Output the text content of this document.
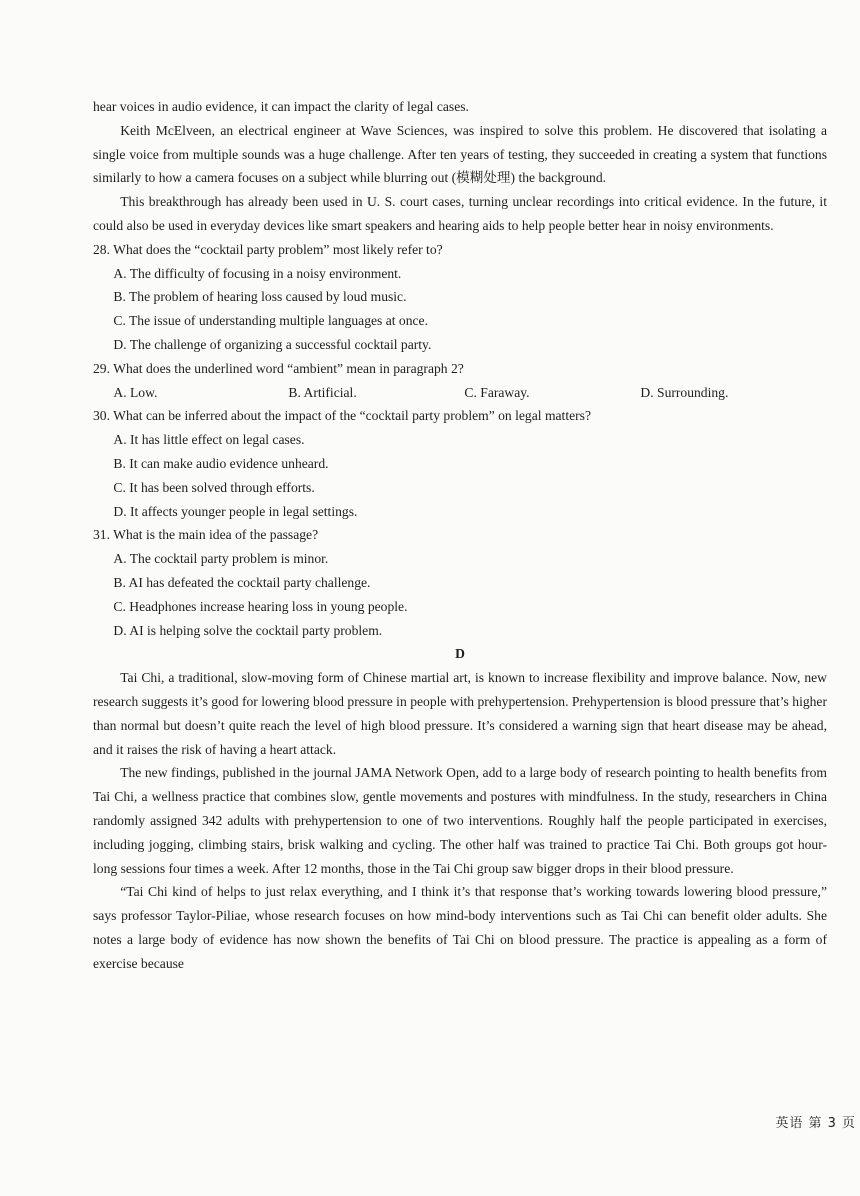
hear voices in audio evidence, it can impact the clarity of legal cases.

Keith McElveen, an electrical engineer at Wave Sciences, was inspired to solve this problem. He discovered that isolating a single voice from multiple sounds was a huge challenge. After ten years of testing, they succeeded in creating a system that functions similarly to how a camera focuses on a subject while blurring out (模糊处理) the background.

This breakthrough has already been used in U. S. court cases, turning unclear recordings into critical evidence. In the future, it could also be used in everyday devices like smart speakers and hearing aids to help people better hear in noisy environments.

28. What does the “cocktail party problem” most likely refer to?

A. The difficulty of focusing in a noisy environment.

B. The problem of hearing loss caused by loud music.

C. The issue of understanding multiple languages at once.

D. The challenge of organizing a successful cocktail party.

29. What does the underlined word “ambient” mean in paragraph 2?

A. Low.	B. Artificial.	C. Faraway.	D. Surrounding.

30. What can be inferred about the impact of the “cocktail party problem” on legal matters?

A. It has little effect on legal cases.

B. It can make audio evidence unheard.

C. It has been solved through efforts.

D. It affects younger people in legal settings.

31. What is the main idea of the passage?

A. The cocktail party problem is minor.

B. AI has defeated the cocktail party challenge.

C. Headphones increase hearing loss in young people.

D. AI is helping solve the cocktail party problem.

D

Tai Chi, a traditional, slow-moving form of Chinese martial art, is known to increase flexibility and improve balance. Now, new research suggests it’s good for lowering blood pressure in people with prehypertension. Prehypertension is blood pressure that’s higher than normal but doesn’t quite reach the level of high blood pressure. It’s considered a warning sign that heart disease may be ahead, and it raises the risk of having a heart attack.

The new findings, published in the journal JAMA Network Open, add to a large body of research pointing to health benefits from Tai Chi, a wellness practice that combines slow, gentle movements and postures with mindfulness. In the study, researchers in China randomly assigned 342 adults with prehypertension to one of two interventions. Roughly half the people participated in exercises, including jogging, climbing stairs, brisk walking and cycling. The other half was trained to practice Tai Chi. Both groups got hour-long sessions four times a week. After 12 months, those in the Tai Chi group saw bigger drops in their blood pressure.

“Tai Chi kind of helps to just relax everything, and I think it’s that response that’s working towards lowering blood pressure,” says professor Taylor-Piliae, whose research focuses on how mind-body interventions such as Tai Chi can benefit older adults. She notes a large body of evidence has now shown the benefits of Tai Chi on blood pressure. The practice is appealing as a form of exercise because

英语 第 3 页
